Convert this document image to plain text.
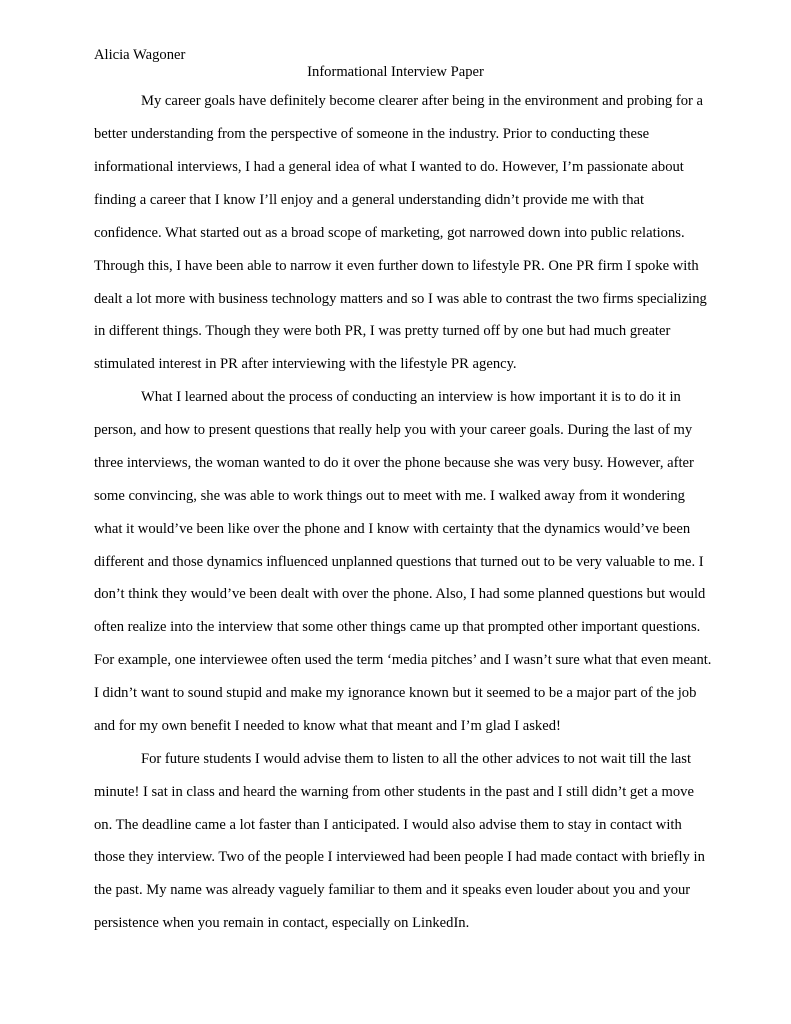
Alicia Wagoner
Informational Interview Paper
My career goals have definitely become clearer after being in the environment and probing for a
better understanding from the perspective of someone in the industry. Prior to conducting these
informational interviews, I had a general idea of what I wanted to do. However, I’m passionate about
finding a career that I know I’ll enjoy and a general understanding didn’t provide me with that
confidence. What started out as a broad scope of marketing, got narrowed down into public relations.
Through this, I have been able to narrow it even further down to lifestyle PR. One PR firm I spoke with
dealt a lot more with business technology matters and so I was able to contrast the two firms specializing
in different things. Though they were both PR, I was pretty turned off by one but had much greater
stimulated interest in PR after interviewing with the lifestyle PR agency.
What I learned about the process of conducting an interview is how important it is to do it in
person, and how to present questions that really help you with your career goals. During the last of my
three interviews, the woman wanted to do it over the phone because she was very busy. However, after
some convincing, she was able to work things out to meet with me. I walked away from it wondering
what it would’ve been like over the phone and I know with certainty that the dynamics would’ve been
different and those dynamics influenced unplanned questions that turned out to be very valuable to me. I
don’t think they would’ve been dealt with over the phone. Also, I had some planned questions but would
often realize into the interview that some other things came up that prompted other important questions.
For example, one interviewee often used the term ‘media pitches’ and I wasn’t sure what that even meant.
I didn’t want to sound stupid and make my ignorance known but it seemed to be a major part of the job
and for my own benefit I needed to know what that meant and I’m glad I asked!
For future students I would advise them to listen to all the other advices to not wait till the last
minute! I sat in class and heard the warning from other students in the past and I still didn’t get a move
on. The deadline came a lot faster than I anticipated. I would also advise them to stay in contact with
those they interview. Two of the people I interviewed had been people I had made contact with briefly in
the past. My name was already vaguely familiar to them and it speaks even louder about you and your
persistence when you remain in contact, especially on LinkedIn.
